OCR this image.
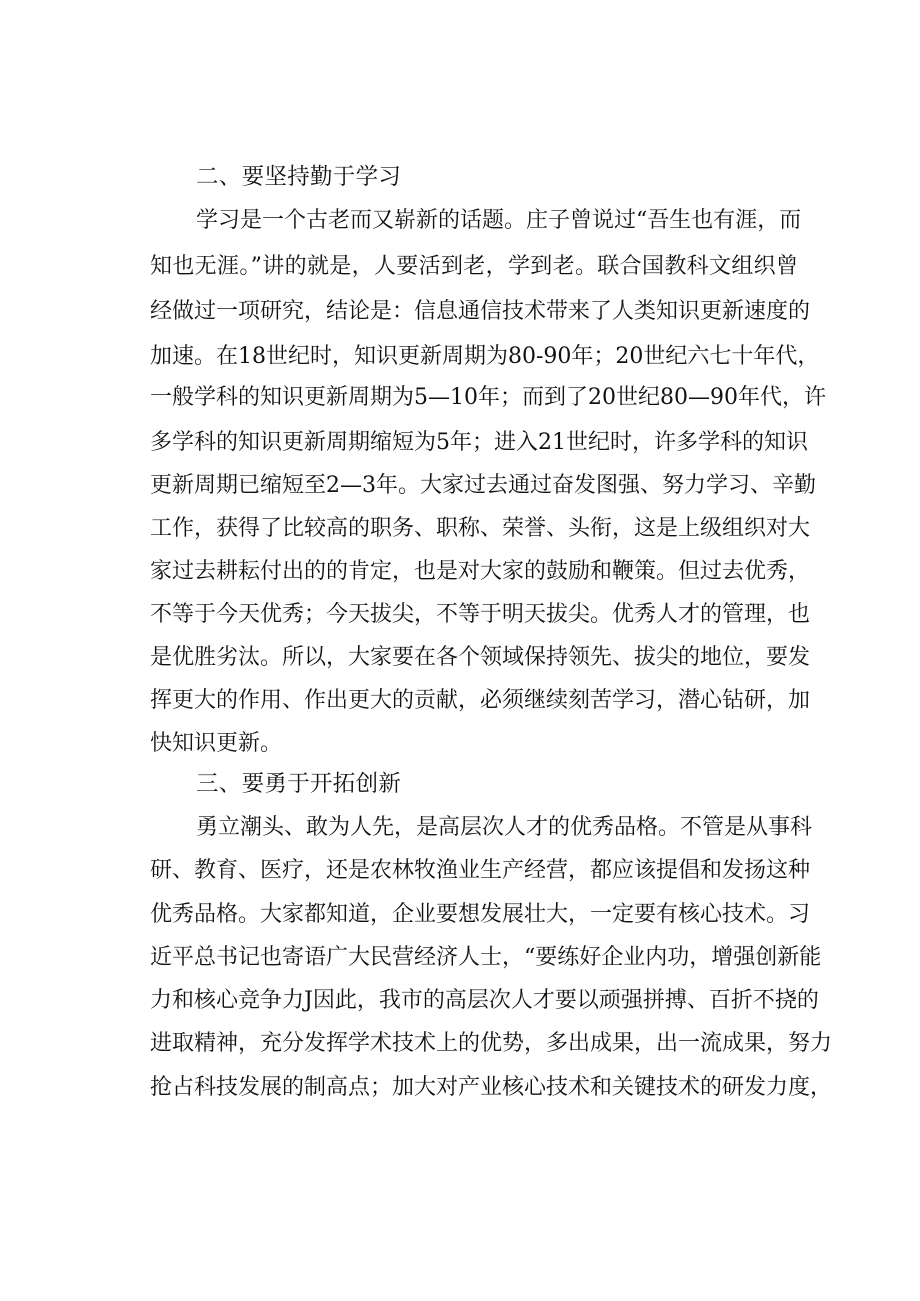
二、要坚持勤于学习
学习是一个古老而又崭新的话题。庄子曾说过“吾生也有涯，而
知也无涯。”讲的就是，人要活到老，学到老。联合国教科文组织曾
经做过一项研究，结论是：信息通信技术带来了人类知识更新速度的
加速。在18世纪时，知识更新周期为80-90年；20世纪六七十年代，
一般学科的知识更新周期为5—10年；而到了20世纪80—90年代，许
多学科的知识更新周期缩短为5年；进入21世纪时，许多学科的知识
更新周期已缩短至2—3年。大家过去通过奋发图强、努力学习、辛勤
工作，获得了比较高的职务、职称、荣誉、头衔，这是上级组织对大
家过去耕耘付出的的肯定，也是对大家的鼓励和鞭策。但过去优秀，
不等于今天优秀；今天拔尖，不等于明天拔尖。优秀人才的管理，也
是优胜劣汰。所以，大家要在各个领域保持领先、拔尖的地位，要发
挥更大的作用、作出更大的贡献，必须继续刻苦学习，潜心钻研，加
快知识更新。
三、要勇于开拓创新
勇立潮头、敢为人先，是高层次人才的优秀品格。不管是从事科
研、教育、医疗，还是农林牧渔业生产经营，都应该提倡和发扬这种
优秀品格。大家都知道，企业要想发展壮大，一定要有核心技术。习
近平总书记也寄语广大民营经济人士，“要练好企业内功，增强创新能
力和核心竞争力J因此，我市的高层次人才要以顽强拼搏、百折不挠的
进取精神，充分发挥学术技术上的优势，多出成果，出一流成果，努力
抢占科技发展的制高点；加大对产业核心技术和关键技术的研发力度，
